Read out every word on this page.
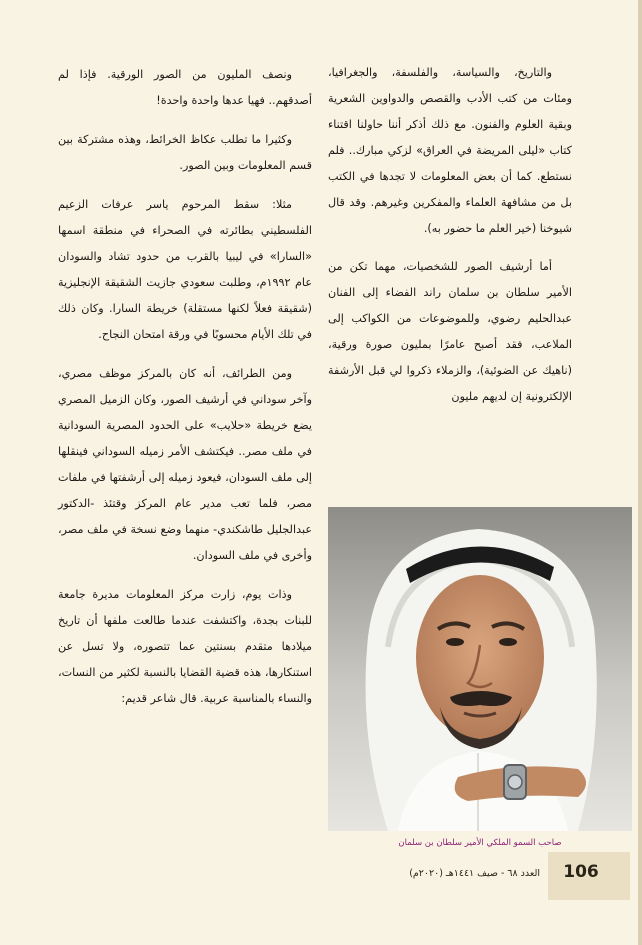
والتاريخ، والسياسة، والفلسفة، والجغرافيا، ومئات من كتب الأدب والقصص والدواوين الشعرية وبقية العلوم والفنون. مع ذلك أذكر أننا حاولنا اقتناء كتاب «ليلى المريضة في العراق» لزكي مبارك.. فلم نستطع. كما أن بعض المعلومات لا تجدها في الكتب بل من مشافهة العلماء والمفكرين وغيرهم. وقد قال شيوخنا (خير العلم ما حضور به).

أما أرشيف الصور للشخصيات، مهما تكن من الأمير سلطان بن سلمان راند الفضاء إلى الفنان عبدالحليم رضوي، وللموضوعات من الكواكب إلى الملاعب، فقد أصبح عامرًا بمليون صورة ورقية، (ناهيك عن الضوئية)، والزملاء ذكروا لي قبل الأرشفة الإلكترونية إن لديهم مليون

ونصف المليون من الصور الورقية. فإذا لم أصدقهم.. فهيا عدها واحدة واحدة!

وكثيرا ما تطلب عكاظ الخرائط، وهذه مشتركة بين قسم المعلومات وبين الصور.

مثلا: سقط المرحوم ياسر عرفات الزعيم الفلسطيني بطائرته في الصحراء في منطقة اسمها «السارا» في ليبيا بالقرب من حدود تشاد والسودان عام ١٩٩٢م، وطلبت سعودي جازيت الشقيقة الإنجليزية (شقيقة فعلاً لكنها مستقلة) خريطة السارا. وكان ذلك في تلك الأيام محسوبًا في ورقة امتحان النجاح.

ومن الطرائف، أنه كان بالمركز موظف مصري، وآخر سوداني في أرشيف الصور، وكان الزميل المصري يضع خريطة «حلايب» على الحدود المصرية السودانية في ملف مصر.. فيكتشف الأمر زميله السوداني فينقلها إلى ملف السودان، فيعود زميله إلى أرشفتها في ملفات مصر، فلما تعب مدير عام المركز وقتئذ -الدكتور عبدالجليل طاشكندي- منهما وضع نسخة في ملف مصر، وأخرى في ملف السودان.

وذات يوم، زارت مركز المعلومات مديرة جامعة للبنات بجدة، واكتشفت عندما طالعت ملفها أن تاريخ ميلادها متقدم بسنتين عما تتصوره، ولا تسل عن استنكارها، هذه قضية القضايا بالنسبة لكثير من النسات، والنساء بالمناسبة عربية. قال شاعر قديم:

صاحب السمو الملكي الأمير سلطان بن سلمان
106
العدد ٦٨ - صيف ١٤٤١هـ (٢٠٢٠م)
